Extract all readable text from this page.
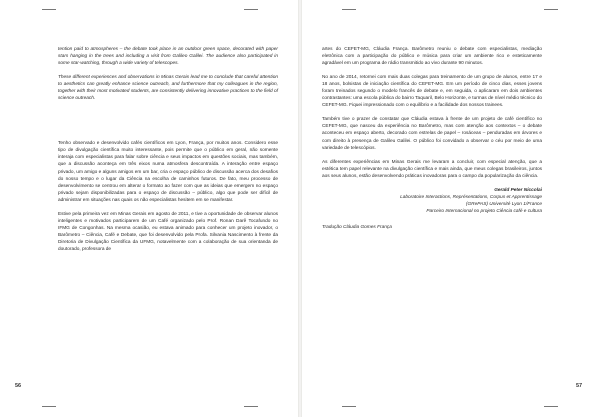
tention paid to atmospheres – the debate took place in an outdoor green space, decorated with paper stars hanging in the trees and including a visit from Galileo Galilei. The audience also participated in some star-watching, through a wide variety of telescopes.

These different experiences and observations in Minas Gerais lead me to conclude that careful attention to aesthetics can greatly enhance science outreach, and furthermore that my colleagues in the region, together with their most motivated students, are consistently delivering innovative practices to the field of science outreach.

Tenho observado e desenvolvido cafés científicos em Lyon, França, por muitos anos. Considero esse tipo de divulgação científica muito interessante, pois permite que o público em geral, não somente interaja com especialistas para falar sobre ciência e seus impactos em questões sociais, mas também, que a discussão aconteça em três eixos numa atmosfera descontraída. A interação entre espaço privado, um amigo e alguns amigos em um bar, cria o espaço público de discussão acerca dos desafios do nosso tempo e o lugar da Ciência na escolha de caminhos futuros. De fato, meu processo de desenvolvimento se centrou em alterar o formato ao fazer com que as ideias que emergem no espaço privado sejam disponibilizadas para o espaço de discussão – público, algo que pode ser difícil de administrar em situações nas quais os não especialistas hesitem em se manifestar.

Estive pela primeira vez em Minas Gerais em agosto de 2011, e tive a oportunidade de observar alunos inteligentes e motivados participarem de um Café organizado pelo Prof. Ronan Darê Tocafundo no IFMG de Congonhas. Na mesma ocasião, eu estava animado para conhecer um projeto inovador, o Barômetro – Ciência, Café e Debate, que foi desenvolvido pela Profa. Silvania Nascimento à frente da Diretoria de Divulgação Científica da UFMG, notavelmente com a colaboração de sua orientanda de doutorado, professora de

56

artes do CEFET-MG, Cláudia França. Barômetro reuniu o debate com especialistas, mediação eletrônica com a participação do público e música para criar um ambiente rico e esteticamente agradável em um programa de rádio transmitido ao vivo durante 90 minutos.

No ano de 2014, retornei com mais duas colegas para treinamento de um grupo de alunos, entre 17 e 18 anos, bolsistas de iniciação científica do CEFET-MG. Em um período de cinco dias, esses jovens foram treinados segundo o modelo francês de debate e, em seguida, o aplicaram em dois ambientes contrastantes: uma escola pública do bairro Taquaril, Belo Horizonte, e turmas de nível médio técnico do CEFET-MG. Fiquei impressionado com o equilíbrio e a facilidade dos nossos trainees.

Também tive o prazer de constatar que Cláudia estava à frente de um projeto de café científico no CEFET-MG, que nasceu da experiência no Barômetro, mas com atenção aos contextos – o debate aconteceu em espaço aberto, decorado com estrelas de papel – rosáceas – penduradas em árvores e com direito à presença de Galileu Galilei. O público foi convidado a observar o céu por meio de uma variedade de telescópios.

As diferentes experiências em Minas Gerais me levaram a concluir, com especial atenção, que a estética tem papel relevante na divulgação científica e mais ainda, que meus colegas brasileiros, juntos aos seus alunos, estão desenvolvendo práticas inovadoras para o campo da popularização da ciência.

Gerald Peter Niccolai
Laboratoire Interactions, Représentations, Corpus et Apprentissage
(GRePAS) Université Lyon 1/France
Parceiro Internacional no projeto Ciência café e cultura
Tradução Cláudia Gomes França
57
